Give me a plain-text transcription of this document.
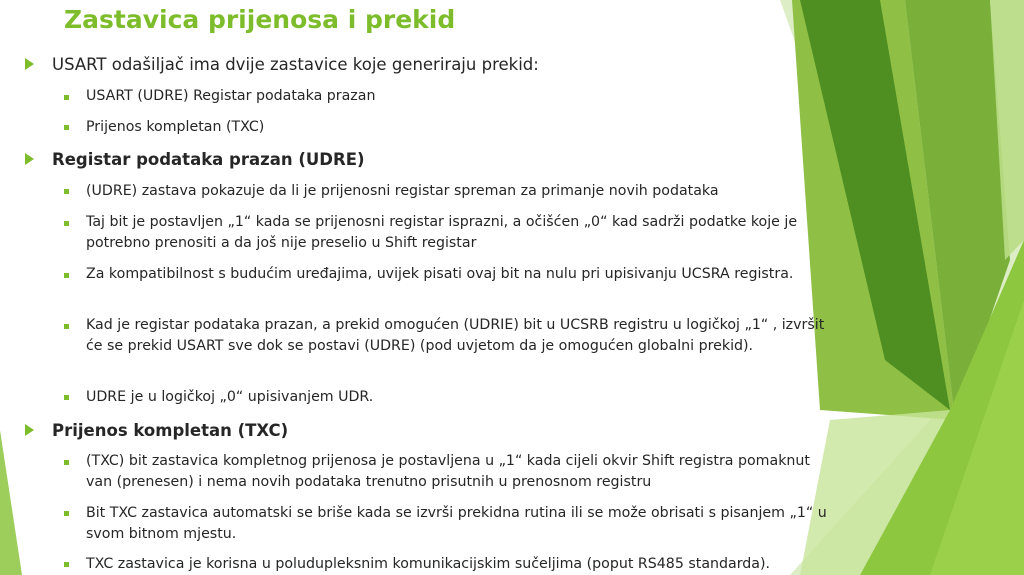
Zastavica prijenosa i prekid

USART odašiljač ima dvije zastavice koje generiraju prekid:

USART (UDRE) Registar podataka prazan

Prijenos kompletan (TXC)

Registar podataka prazan (UDRE)

(UDRE) zastava pokazuje da li je prijenosni registar spreman za primanje novih podataka

Taj bit je postavljen „1“ kada se prijenosni registar isprazni, a očišćen „0“ kad sadrži podatke koje je potrebno prenositi a da još nije preselio u Shift registar

Za kompatibilnost s budućim uređajima, uvijek pisati ovaj bit na nulu pri upisivanju UCSRA registra.

Kad je registar podataka prazan, a prekid omogućen (UDRIE) bit u UCSRB registru u logičkoj „1“ , izvršit će se prekid USART sve dok se postavi (UDRE) (pod uvjetom da je omogućen globalni prekid).

UDRE je u logičkoj „0“ upisivanjem UDR.

Prijenos kompletan (TXC)

(TXC) bit zastavica kompletnog prijenosa je postavljena u „1“ kada cijeli okvir Shift registra pomaknut van (prenesen) i nema novih podataka trenutno prisutnih u prenosnom registru

Bit TXC zastavica automatski se briše kada se izvrši prekidna rutina ili se može obrisati s pisanjem „1“ u svom bitnom mjestu.

TXC zastavica je korisna u poludupleksnim komunikacijskim sučeljima (poput RS485 standarda).
